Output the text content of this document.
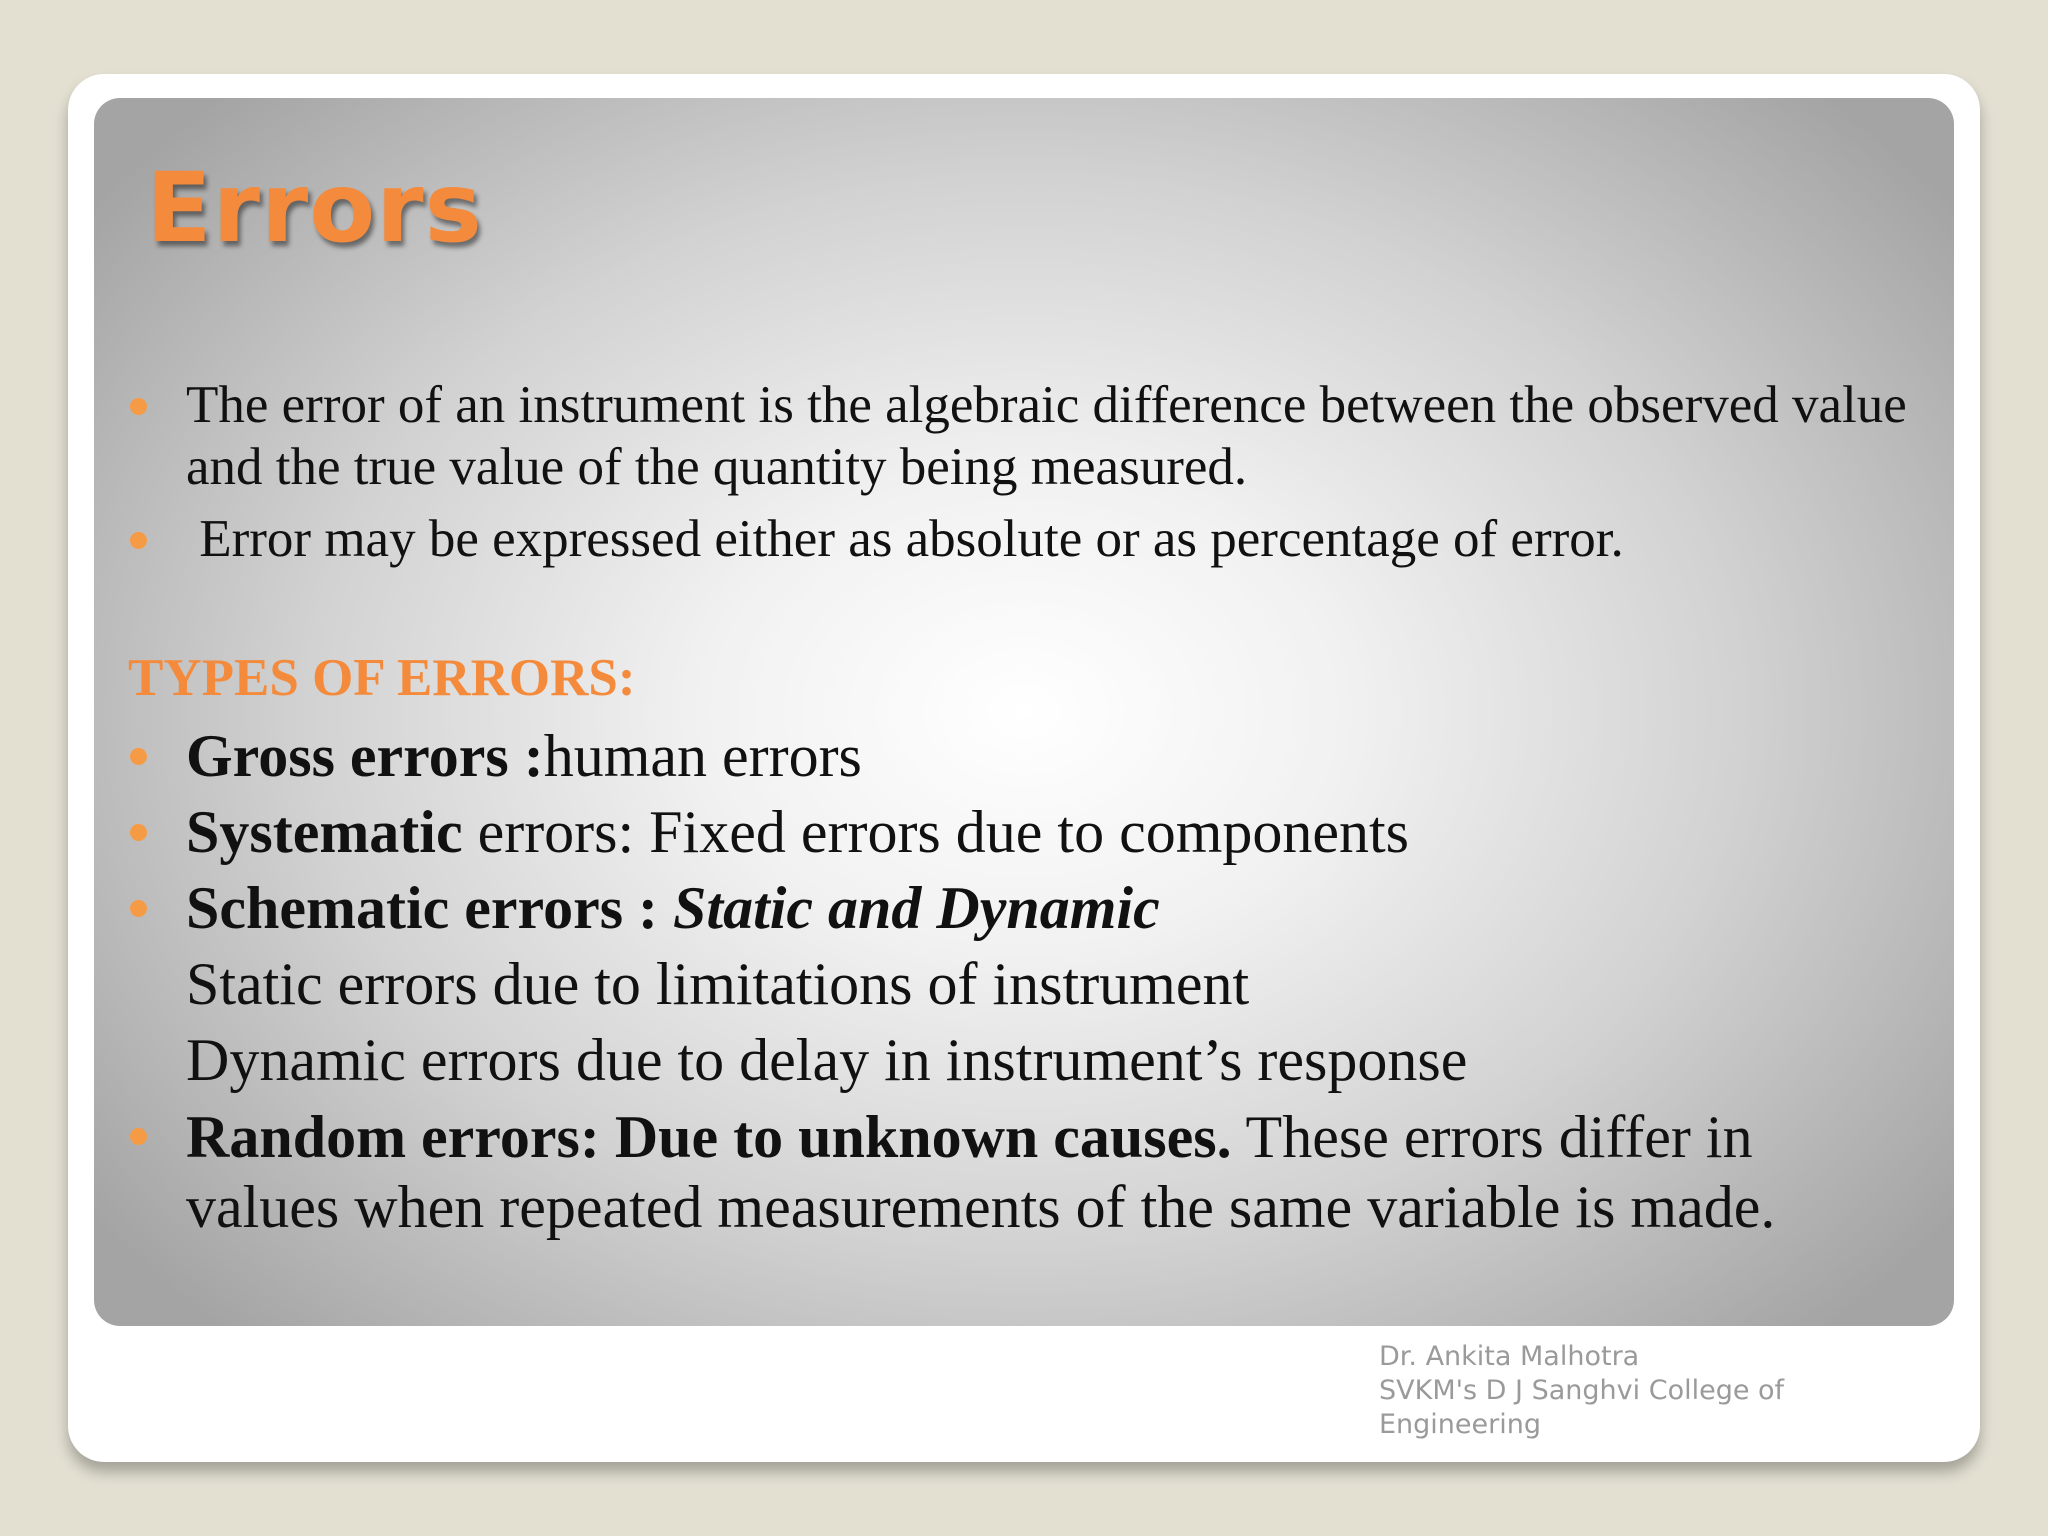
Errors
The error of an instrument is the algebraic difference between the observed value and the true value of the quantity being measured.
Error may be expressed either as absolute or as percentage of error.
TYPES OF ERRORS:
Gross errors :human errors
Systematic errors: Fixed errors due to components
Schematic errors : Static and Dynamic
Static errors due to limitations of instrument
Dynamic errors due to delay in instrument’s response
Random errors: Due to unknown causes. These errors differ in values when repeated measurements of the same variable is made.
Dr. Ankita Malhotra
SVKM's D J Sanghvi College of
Engineering
